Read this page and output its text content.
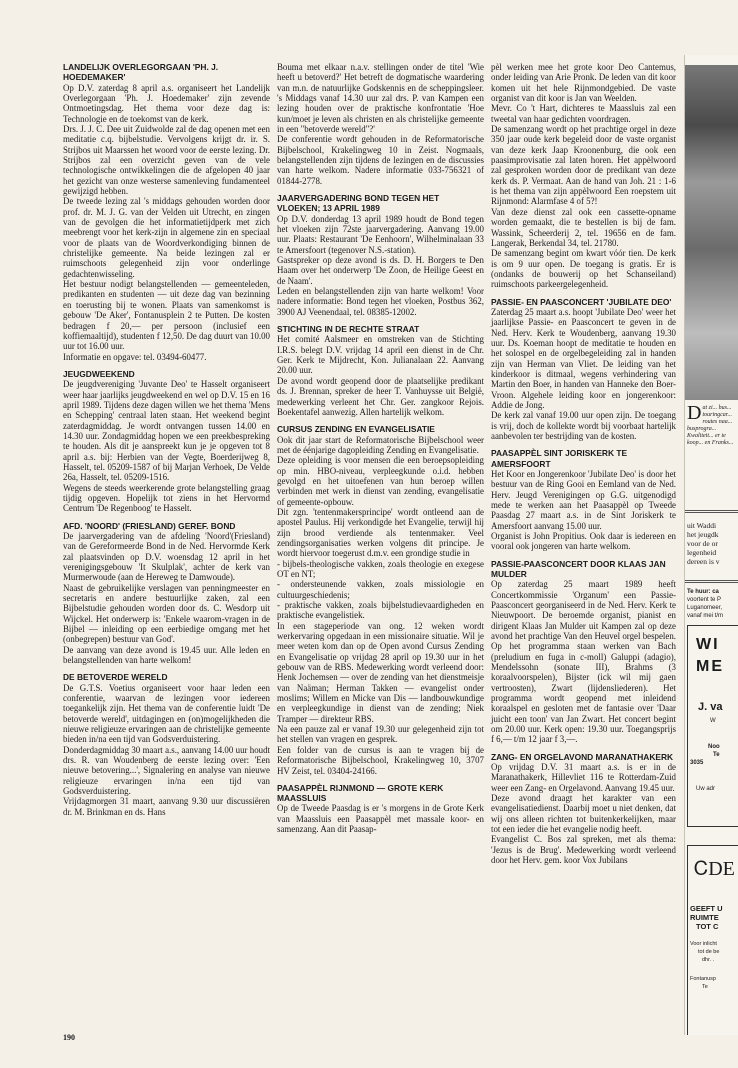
LANDELIJK OVERLEGORGAAN 'PH. J. HOEDEMAKER'

Op D.V. zaterdag 8 april a.s. organiseert het Landelijk Overlegorgaan 'Ph. J. Hoedemaker' zijn zevende Ontmoetingsdag. Het thema voor deze dag is: Technologie en de toekomst van de kerk.

Drs. J. J. C. Dee uit Zuidwolde zal de dag openen met een meditatie c.q. bijbelstudie. Vervolgens krijgt dr. ir. S. Strijbos uit Maarssen het woord voor de eerste lezing. Dr. Strijbos zal een overzicht geven van de vele technologische ontwikkelingen die de afgelopen 40 jaar het gezicht van onze westerse samenleving fundamenteel gewijzigd hebben.

De tweede lezing zal 's middags gehouden worden door prof. dr. M. J. G. van der Velden uit Utrecht, en zingen van de gevolgen die het informatietijdperk met zich meebrengt voor het kerk-zijn in algemene zin en speciaal voor de plaats van de Woordverkondiging binnen de christelijke gemeente. Na beide lezingen zal er ruimschoots gelegenheid zijn voor onderlinge gedachtenwisseling.

Het bestuur nodigt belangstellenden — gemeenteleden, predikanten en studenten — uit deze dag van bezinning en toerusting bij te wonen. Plaats van samenkomst is gebouw 'De Aker', Fontanusplein 2 te Putten. De kosten bedragen f 20,— per persoon (inclusief een koffiemaaltijd), studenten f 12,50. De dag duurt van 10.00 uur tot 16.00 uur.

Informatie en opgave: tel. 03494-60477.

JEUGDWEEKEND

De jeugdvereniging 'Juvante Deo' te Hasselt organiseert weer haar jaarlijks jeugdweekend en wel op D.V. 15 en 16 april 1989. Tijdens deze dagen willen we het thema 'Mens en Schepping' centraal laten staan. Het weekend begint zaterdagmiddag. Je wordt ontvangen tussen 14.00 en 14.30 uur. Zondagmiddag hopen we een preekbespreking te houden. Als dit je aanspreekt kun je je opgeven tot 8 april a.s. bij: Herbien van der Vegte, Boerderijweg 8, Hasselt, tel. 05209-1587 of bij Marjan Verhoek, De Velde 26a, Hasselt, tel. 05209-1516.

Wegens de steeds weerkerende grote belangstelling graag tijdig opgeven. Hopelijk tot ziens in het Hervormd Centrum 'De Regenboog' te Hasselt.

AFD. 'NOORD' (FRIESLAND) GEREF. BOND

De jaarvergadering van de afdeling 'Noord'(Friesland) van de Gereformeerde Bond in de Ned. Hervormde Kerk zal plaatsvinden op D.V. woensdag 12 april in het verenigingsgebouw 'It Skulplak', achter de kerk van Murmerwoude (aan de Hereweg te Damwoude).

Naast de gebruikelijke verslagen van penningmeester en secretaris en andere bestuurlijke zaken, zal een Bijbelstudie gehouden worden door ds. C. Wesdorp uit Wijckel. Het onderwerp is: 'Enkele waarom-vragen in de Bijbel — inleiding op een eerbiedige omgang met het (onbegrepen) bestuur van God'.

De aanvang van deze avond is 19.45 uur. Alle leden en belangstellenden van harte welkom!

DE BETOVERDE WERELD

De G.T.S. Voetius organiseert voor haar leden een conferentie, waarvan de lezingen voor iedereen toegankelijk zijn. Het thema van de conferentie luidt 'De betoverde wereld', uitdagingen en (on)mogelijkheden die nieuwe religieuze ervaringen aan de christelijke gemeente bieden in/na een tijd van Godsverduistering.

Donderdagmiddag 30 maart a.s., aanvang 14.00 uur houdt drs. R. van Woudenberg de eerste lezing over: 'Een nieuwe betovering...', Signalering en analyse van nieuwe religieuze ervaringen in/na een tijd van Godsverduistering.

Vrijdagmorgen 31 maart, aanvang 9.30 uur discussiëren dr. M. Brinkman en ds. Hans

Bouma met elkaar n.a.v. stellingen onder de titel 'Wie heeft u betoverd?' Het betreft de dogmatische waardering van m.n. de natuurlijke Godskennis en de scheppingsleer. 's Middags vanaf 14.30 uur zal drs. P. van Kampen een lezing houden over de praktische konfrontatie 'Hoe kun/moet je leven als christen en als christelijke gemeente in een "betoverde wereld"?'

De conferentie wordt gehouden in de Reformatorische Bijbelschool, Krakelingweg 10 in Zeist. Nogmaals, belangstellenden zijn tijdens de lezingen en de discussies van harte welkom. Nadere informatie 033-756321 of 01844-2778.

JAARVERGADERING BOND TEGEN HET VLOEKEN; 13 APRIL 1989

Op D.V. donderdag 13 april 1989 houdt de Bond tegen het vloeken zijn 72ste jaarvergadering. Aanvang 19.00 uur. Plaats: Restaurant 'De Eenhoorn', Wilhelminalaan 33 te Amersfoort (tegenover N.S.-station).

Gastspreker op deze avond is ds. D. H. Borgers te Den Haam over het onderwerp 'De Zoon, de Heilige Geest en de Naam'.

Leden en belangstellenden zijn van harte welkom! Voor nadere informatie: Bond tegen het vloeken, Postbus 362, 3900 AJ Veenendaal, tel. 08385-12002.

STICHTING IN DE RECHTE STRAAT

Het comité Aalsmeer en omstreken van de Stichting I.R.S. belegt D.V. vrijdag 14 april een dienst in de Chr. Ger. Kerk te Mijdrecht, Kon. Julianalaan 22. Aanvang 20.00 uur.

De avond wordt geopend door de plaatselijke predikant ds. J. Brennan, spreker de heer T. Vanhuysse uit België, medewerking verleent het Chr. Ger. zangkoor Rejois. Boekentafel aanwezig. Allen hartelijk welkom.

CURSUS ZENDING EN EVANGELISATIE

Ook dit jaar start de Reformatorische Bijbelschool weer met de éénjarige dagopleiding Zending en Evangelisatie.

Deze opleiding is voor mensen die een beroepsopleiding op min. HBO-niveau, verpleegkunde o.i.d. hebben gevolgd en het uitoefenen van hun beroep willen verbinden met werk in dienst van zending, evangelisatie of gemeente-opbouw.

Dit zgn. 'tentenmakersprincipe' wordt ontleend aan de apostel Paulus. Hij verkondigde het Evangelie, terwijl hij zijn brood verdiende als tentenmaker. Veel zendingsorganisaties werken volgens dit principe. Je wordt hiervoor toegerust d.m.v. een grondige studie in

- bijbels-theologische vakken, zoals theologie en exegese OT en NT;

- ondersteunende vakken, zoals missiologie en cultuurgeschiedenis;

- praktische vakken, zoals bijbelstudievaardigheden en praktische evangelistiek.

In een stageperiode van ong. 12 weken wordt werkervaring opgedaan in een missionaire situatie. Wil je meer weten kom dan op de Open avond Cursus Zending en Evangelisatie op vrijdag 28 april op 19.30 uur in het gebouw van de RBS. Medewerking wordt verleend door: Henk Jochemsen — over de zending van het dienstmeisje van Naäman; Herman Takken — evangelist onder moslims; Willem en Micke van Dis — landbouwkundige en verpleegkundige in dienst van de zending; Niek Tramper — direkteur RBS.

Na een pauze zal er vanaf 19.30 uur gelegenheid zijn tot het stellen van vragen en gesprek.

Een folder van de cursus is aan te vragen bij de Reformatorische Bijbelschool, Krakelingweg 10, 3707 HV Zeist, tel. 03404-24166.

PAASAPPÈL RIJNMOND — GROTE KERK MAASSLUIS

Op de Tweede Paasdag is er 's morgens in de Grote Kerk van Maassluis een Paasappèl met massale koor- en samenzang. Aan dit Paasap-

pèl werken mee het grote koor Deo Cantemus, onder leiding van Arie Pronk. De leden van dit koor komen uit het hele Rijnmondgebied. De vaste organist van dit koor is Jan van Weelden.

Mevr. Co 't Hart, dichteres te Maassluis zal een tweetal van haar gedichten voordragen.

De samenzang wordt op het prachtige orgel in deze 350 jaar oude kerk begeleid door de vaste organist van deze kerk Jaap Kroonenburg, die ook een paasimprovisatie zal laten horen. Het appèlwoord zal gesproken worden door de predikant van deze kerk ds. P. Vermaat. Aan de hand van Joh. 21 : 1-6 is het thema van zijn appèlwoord Een roepstem uit Rijnmond: Alarmfase 4 of 5?!

Van deze dienst zal ook een cassette-opname worden gemaakt, die te bestellen is bij de fam. Wassink, Scheerderij 2, tel. 19656 en de fam. Langerak, Berkendal 34, tel. 21780.

De samenzang begint om kwart vóór tien. De kerk is om 9 uur open. De toegang is gratis. Er is (ondanks de bouwerij op het Schanseiland) ruimschoots parkeergelegenheid.

PASSIE- EN PAASCONCERT 'JUBILATE DEO'

Zaterdag 25 maart a.s. hoopt 'Jubilate Deo' weer het jaarlijkse Passie- en Paasconcert te geven in de Ned. Herv. Kerk te Woudenberg, aanvang 19.30 uur. Ds. Koeman hoopt de meditatie te houden en het solospel en de orgelbegeleiding zal in handen zijn van Herman van Vliet. De leiding van het kinderkoor is ditmaal, wegens verhindering van Martin den Boer, in handen van Hanneke den Boer-Vroon. Algehele leiding koor en jongerenkoor: Addie de Jong.

De kerk zal vanaf 19.00 uur open zijn. De toegang is vrij, doch de kollekte wordt bij voorbaat hartelijk aanbevolen ter bestrijding van de kosten.

PAASAPPÈL SINT JORISKERK TE AMERSFOORT

Het Koor en Jongerenkoor 'Jubilate Deo' is door het bestuur van de Ring Gooi en Eemland van de Ned. Herv. Jeugd Verenigingen op G.G. uitgenodigd mede te werken aan het Paasappèl op Tweede Paasdag 27 maart a.s. in de Sint Joriskerk te Amersfoort aanvang 15.00 uur.

Organist is John Propitius. Ook daar is iedereen en vooral ook jongeren van harte welkom.

PASSIE-PAASCONCERT DOOR KLAAS JAN MULDER

Op zaterdag 25 maart 1989 heeft Concertkommissie 'Organum' een Passie-Paasconcert georganiseerd in de Ned. Herv. Kerk te Nieuwpoort. De beroemde organist, pianist en dirigent Klaas Jan Mulder uit Kampen zal op deze avond het prachtige Van den Heuvel orgel bespelen. Op het programma staan werken van Bach (preludium en fuga in c-moll) Galuppi (adagio), Mendelssohn (sonate III), Brahms (3 koraalvoorspelen), Bijster (ick wil mij gaen vertroosten), Zwart (lijdensliederen). Het programma wordt geopend met inleidend koraalspel en gesloten met de fantasie over 'Daar juicht een toon' van Jan Zwart. Het concert begint om 20.00 uur. Kerk open: 19.30 uur. Toegangsprijs f 6,— t/m 12 jaar f 3,—.

ZANG- EN ORGELAVOND MARANATHAKERK

Op vrijdag D.V. 31 maart a.s. is er in de Maranathakerk, Hillevliet 116 te Rotterdam-Zuid weer een Zang- en Orgelavond. Aanvang 19.45 uur.

Deze avond draagt het karakter van een evangelisatiedienst. Daarbij moet u niet denken, dat wij ons alleen richten tot buitenkerkelijken, maar tot een ieder die het evangelie nodig heeft.

Evangelist C. Bos zal spreken, met als thema: 'Jezus is de Brug'. Medewerking wordt verleend door het Herv. gem. koor Vox Jubilans

190
Dat zi... bus... touringcar... routes naa... busprogra... Kwaliteit... er te koop... en Franks...
uit Waddi
het jeugdk
voor de or
legenheid
dereen is v
Te huur: ca
voortent te P
Luganomeer,
vanaf mei t/m
WI
ME
J. va
W
Noo
Te
3035
Uw adr
ᏟDE
GEEFT U
RUIMTE
TOT C
Voor inlicht
tot de be
dhr. .
Fontanusp
Te
